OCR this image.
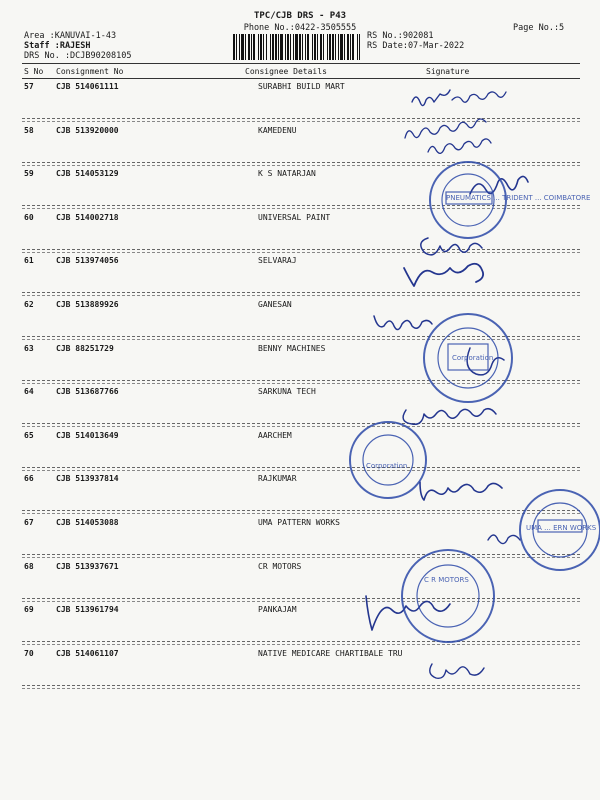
TPC/CJB DRS - P43
Phone No.:0422-3505555
Area :KANUVAI-1-43
Staff :RAJESH
DRS No. :DCJB90208105
RS No.:902081
RS Date:07-Mar-2022
Page No.:5
S No Consignment No	Consignee Details	Signature
57	CJB 514061111	SURABHI BUILD MART
58	CJB 513920000	KAMEDENU
59	CJB 514053129	K S NATARJAN
60	CJB 514002718	UNIVERSAL PAINT
61	CJB 513974056	SELVARAJ
62	CJB 513889926	GANESAN
63	CJB 88251729	BENNY MACHINES
64	CJB 513687766	SARKUNA TECH
65	CJB 514013649	AARCHEM
66	CJB 513937814	RAJKUMAR
67	CJB 514053088	UMA PATTERN WORKS
68	CJB 513937671	CR MOTORS
69	CJB 513961794	PANKAJAM
70	CJB 514061107	NATIVE MEDICARE CHARTIBALE TRU
PNEUMATICS ... TRIDENT ... COIMBATORE
Corporation
Corporation
UMA ... ERN WORKS
C R MOTORS
